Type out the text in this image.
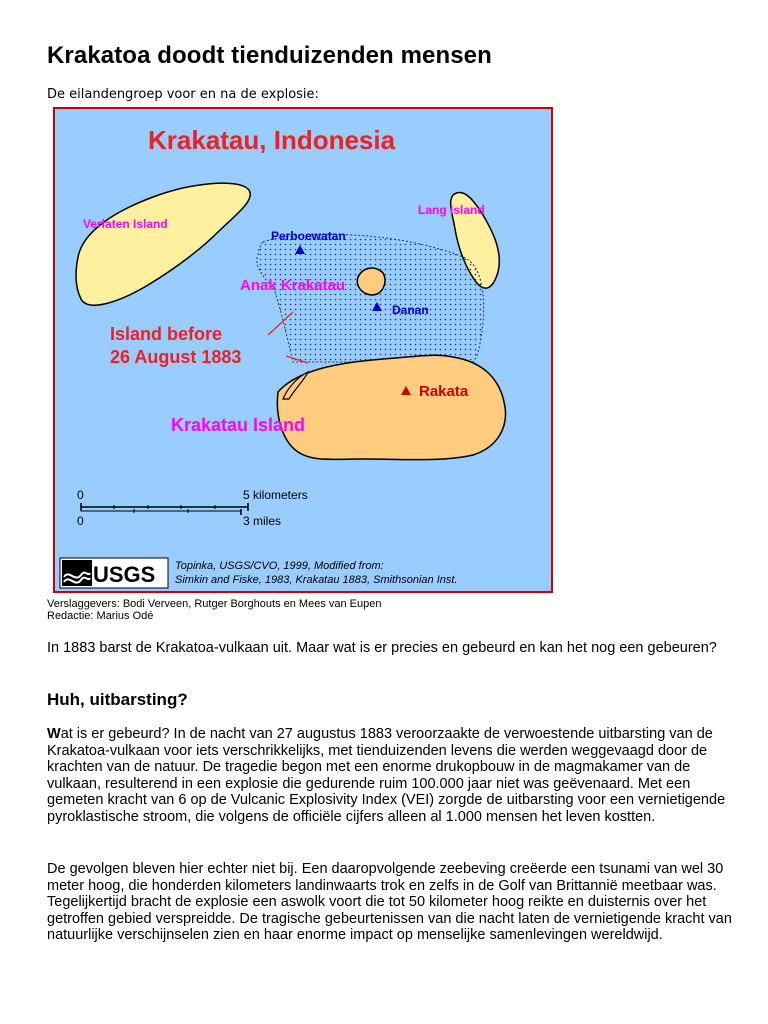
Krakatoa doodt tienduizenden mensen

De eilandengroep voor en na de explosie:

Krakatau, Indonesia
Verlaten Island
Lang Island
Perboewatan
Danan
Anak Krakatau
Rakata
Island before
26 August 1883
Krakatau Island
0	5 kilometers
0	3 miles
USGS Topinka, USGS/CVO, 1999, Modified from:
Simkin and Fiske, 1983, Krakatau 1883, Smithsonian Inst.

Verslaggevers: Bodi Verveen, Rutger Borghouts en Mees van Eupen
Redactie: Marius Odé

In 1883 barst de Krakatoa-vulkaan uit. Maar wat is er precies en gebeurd en kan het nog een gebeuren?

Huh, uitbarsting?

Wat is er gebeurd? In de nacht van 27 augustus 1883 veroorzaakte de verwoestende uitbarsting van de Krakatoa-vulkaan voor iets verschrikkelijks, met tienduizenden levens die werden weggevaagd door de krachten van de natuur. De tragedie begon met een enorme drukopbouw in de magmakamer van de vulkaan, resulterend in een explosie die gedurende ruim 100.000 jaar niet was geëvenaard. Met een gemeten kracht van 6 op de Vulcanic Explosivity Index (VEI) zorgde de uitbarsting voor een vernietigende pyroklastische stroom, die volgens de officiële cijfers alleen al 1.000 mensen het leven kostten.

De gevolgen bleven hier echter niet bij. Een daaropvolgende zeebeving creëerde een tsunami van wel 30 meter hoog, die honderden kilometers landinwaarts trok en zelfs in de Golf van Brittannië meetbaar was. Tegelijkertijd bracht de explosie een aswolk voort die tot 50 kilometer hoog reikte en duisternis over het getroffen gebied verspreidde. De tragische gebeurtenissen van die nacht laten de vernietigende kracht van natuurlijke verschijnselen zien en haar enorme impact op menselijke samenlevingen wereldwijd.
